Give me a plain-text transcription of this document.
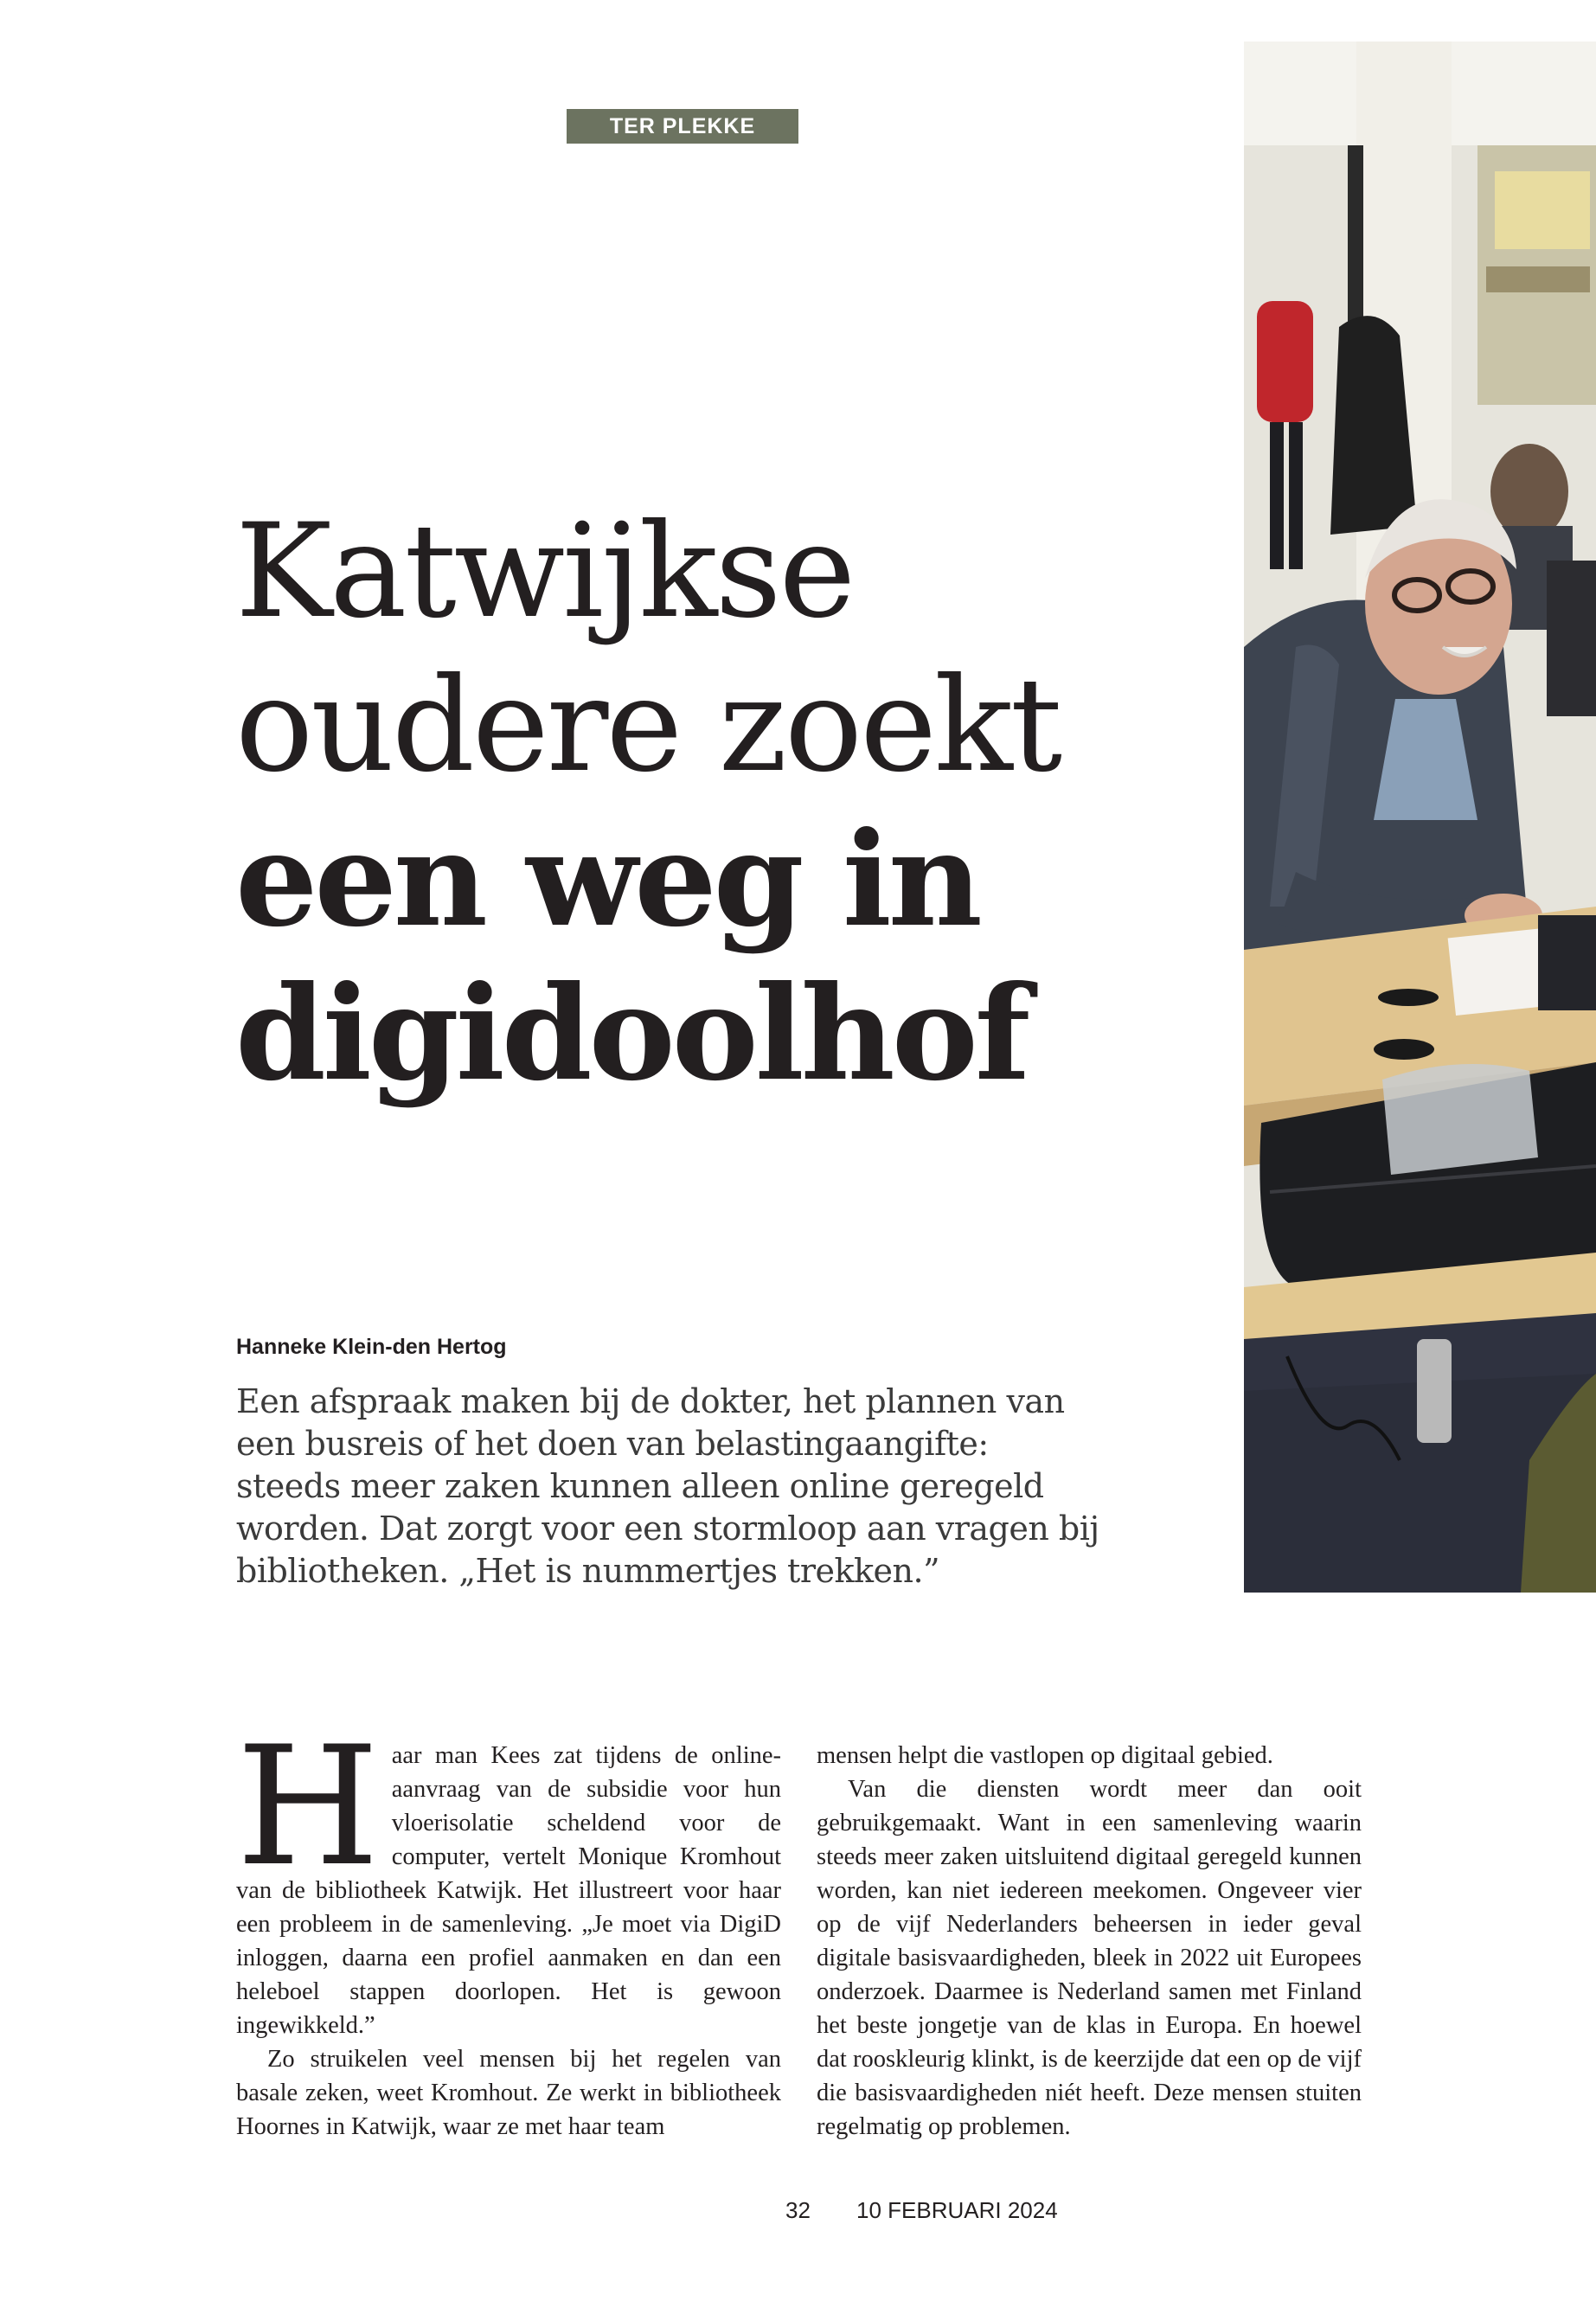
TER PLEKKE
Katwijkse
oudere zoekt
een weg in
digidoolhof
Hanneke Klein-den Hertog

Een afspraak maken bij de dokter, het plannen van een busreis of het doen van belastingaangifte: steeds meer zaken kunnen alleen online geregeld worden. Dat zorgt voor een stormloop aan vragen bij bibliotheken. „Het is nummertjes trekken.”

Haar man Kees zat tijdens de online-aanvraag van de subsidie voor hun vloerisolatie scheldend voor de computer, vertelt Monique Kromhout van de bibliotheek Katwijk. Het illustreert voor haar een probleem in de samenleving. „Je moet via DigiD inloggen, daarna een profiel aanmaken en dan een heleboel stappen doorlopen. Het is gewoon ingewikkeld.”

Zo struikelen veel mensen bij het regelen van basale zeken, weet Kromhout. Ze werkt in bibliotheek Hoornes in Katwijk, waar ze met haar team

mensen helpt die vastlopen op digitaal gebied.

Van die diensten wordt meer dan ooit gebruikgemaakt. Want in een samenleving waarin steeds meer zaken uitsluitend digitaal geregeld kunnen worden, kan niet iedereen meekomen. Ongeveer vier op de vijf Nederlanders beheersen in ieder geval digitale basisvaardigheden, bleek in 2022 uit Europees onderzoek. Daarmee is Nederland samen met Finland het beste jongetje van de klas in Europa. En hoewel dat rooskleurig klinkt, is de keerzijde dat een op de vijf die basisvaardigheden niét heeft. Deze mensen stuiten regelmatig op problemen.

32 10 FEBRUARI 2024
